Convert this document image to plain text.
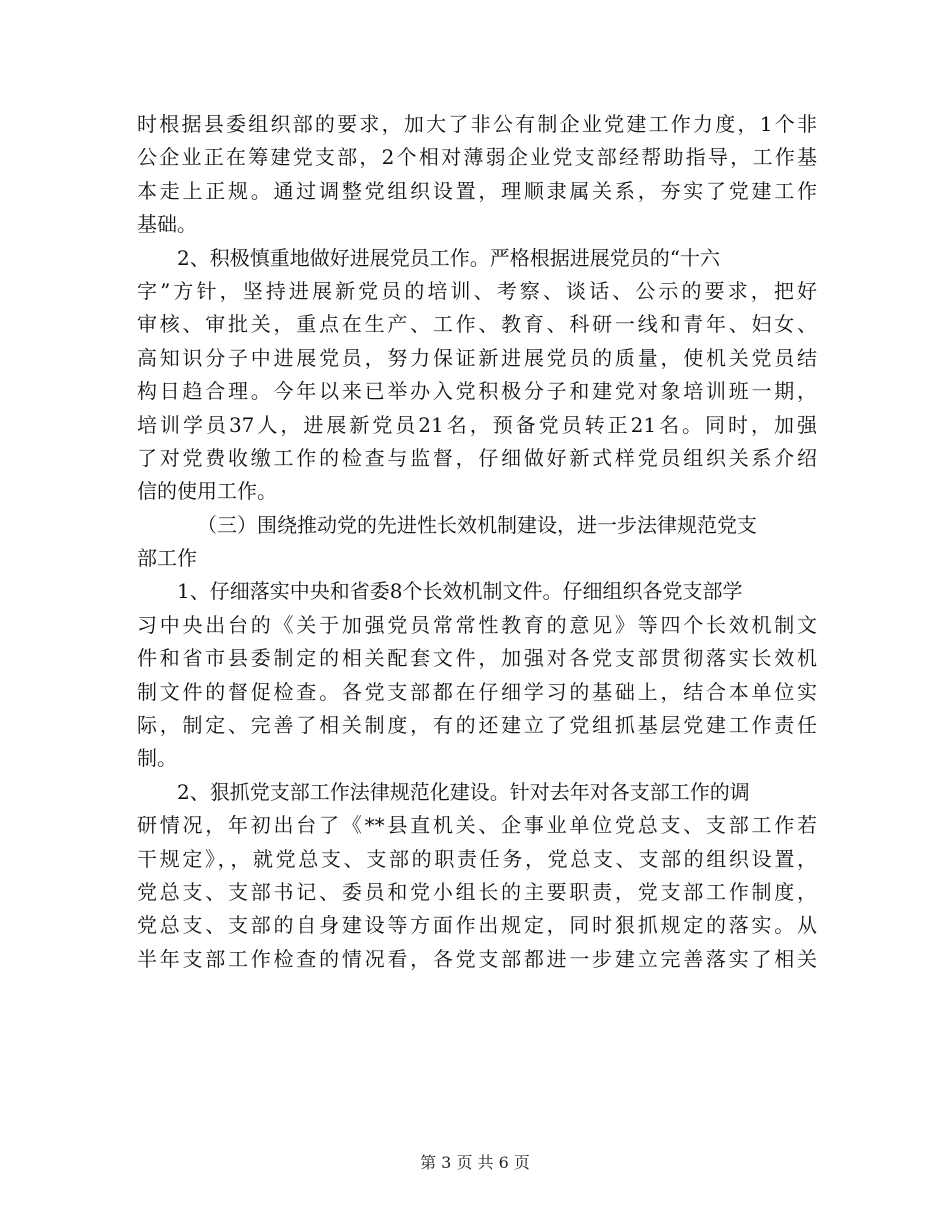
时根据县委组织部的要求，加大了非公有制企业党建工作力度，1个非
公企业正在筹建党支部，2个相对薄弱企业党支部经帮助指导，工作基
本走上正规。通过调整党组织设置，理顺隶属关系，夯实了党建工作
基础。
2、积极慎重地做好进展党员工作。严格根据进展党员的“十六
字”方针，坚持进展新党员的培训、考察、谈话、公示的要求，把好
审核、审批关，重点在生产、工作、教育、科研一线和青年、妇女、
高知识分子中进展党员，努力保证新进展党员的质量，使机关党员结
构日趋合理。今年以来已举办入党积极分子和建党对象培训班一期，
培训学员37人，进展新党员21名，预备党员转正21名。同时，加强
了对党费收缴工作的检查与监督，仔细做好新式样党员组织关系介绍
信的使用工作。
（三）围绕推动党的先进性长效机制建设，进一步法律规范党支
部工作
1、仔细落实中央和省委8个长效机制文件。仔细组织各党支部学
习中央出台的《关于加强党员常常性教育的意见》等四个长效机制文
件和省市县委制定的相关配套文件，加强对各党支部贯彻落实长效机
制文件的督促检查。各党支部都在仔细学习的基础上，结合本单位实
际，制定、完善了相关制度，有的还建立了党组抓基层党建工作责任
制。
2、狠抓党支部工作法律规范化建设。针对去年对各支部工作的调
研情况，年初出台了《**县直机关、企事业单位党总支、支部工作若
干规定》，，就党总支、支部的职责任务，党总支、支部的组织设置，
党总支、支部书记、委员和党小组长的主要职责，党支部工作制度，
党总支、支部的自身建设等方面作出规定，同时狠抓规定的落实。从
半年支部工作检查的情况看，各党支部都进一步建立完善落实了相关
第 3 页 共 6 页
